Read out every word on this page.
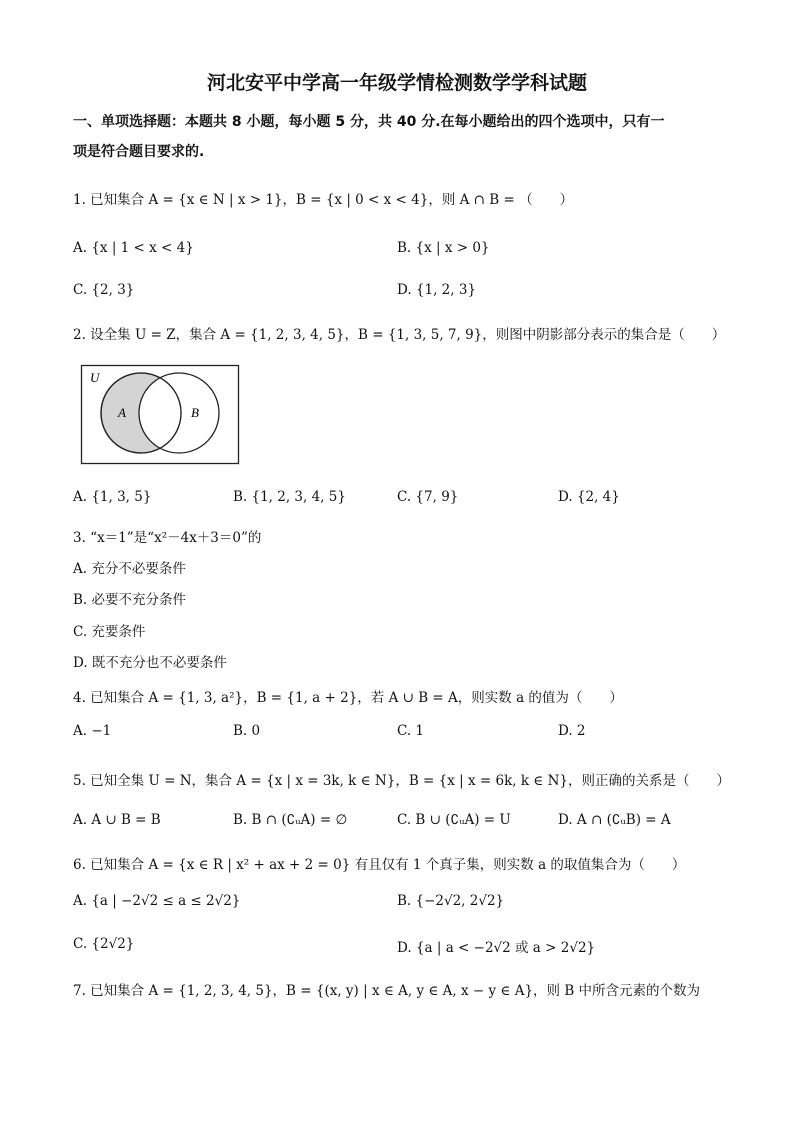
河北安平中学高一年级学情检测数学学科试题
一、单项选择题：本题共 8 小题，每小题 5 分，共 40 分.在每小题给出的四个选项中，只有一
项是符合题目要求的.
1. 已知集合 A = {x ∈ N | x > 1}，B = {x | 0 < x < 4}，则 A ∩ B = （　　）
A. {x | 1 < x < 4}	B. {x | x > 0}
C. {2, 3}	D. {1, 2, 3}
2. 设全集 U = Z，集合 A = {1, 2, 3, 4, 5}，B = {1, 3, 5, 7, 9}，则图中阴影部分表示的集合是（　　）
U
A	B
A. {1, 3, 5}	B. {1, 2, 3, 4, 5}	C. {7, 9}	D. {2, 4}
3. “x＝1”是“x²－4x＋3＝0”的
A. 充分不必要条件
B. 必要不充分条件
C. 充要条件
D. 既不充分也不必要条件
4. 已知集合 A = {1, 3, a²}，B = {1, a + 2}，若 A ∪ B = A，则实数 a 的值为（　　）
A. −1	B. 0	C. 1	D. 2
5. 已知全集 U = N，集合 A = {x | x = 3k, k ∈ N}，B = {x | x = 6k, k ∈ N}，则正确的关系是（　　）
A. A ∪ B = B	B. B ∩ (∁ᵤA) = ∅	C. B ∪ (∁ᵤA) = U	D. A ∩ (∁ᵤB) = A
6. 已知集合 A = {x ∈ R | x² + ax + 2 = 0} 有且仅有 1 个真子集，则实数 a 的取值集合为（　　）
A. {a | −2√2 ≤ a ≤ 2√2}	B. {−2√2, 2√2}
C. {2√2}	D. {a | a < −2√2 或 a > 2√2}
7. 已知集合 A = {1, 2, 3, 4, 5}，B = {(x, y) | x ∈ A, y ∈ A, x − y ∈ A}，则 B 中所含元素的个数为
